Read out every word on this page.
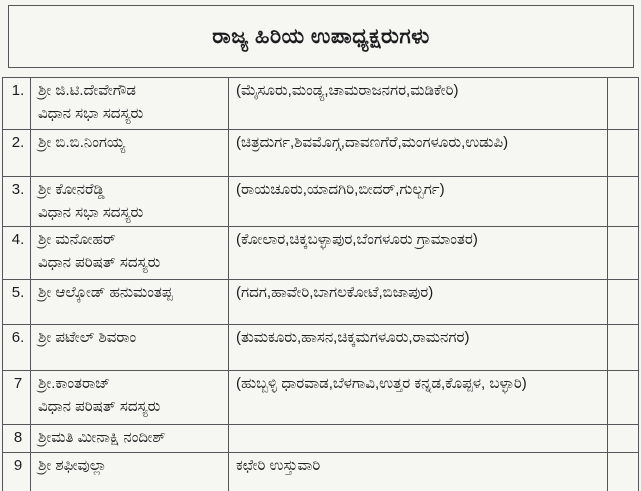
ರಾಜ್ಯ ಹಿರಿಯ ಉಪಾಧ್ಯಕ್ಷರುಗಳು
1.	ಶ್ರೀ ಜಿ.ಟಿ.ದೇವೇಗೌಡ
ವಿಧಾನ ಸಭಾ ಸದಸ್ಯರು	(ಮೈಸೂರು,ಮಂಡ್ಯ,ಚಾಮರಾಜನಗರ,ಮಡಿಕೇರಿ)	
2.	ಶ್ರೀ ಬಿ.ಬಿ.ನಿಂಗಯ್ಯ	(ಚಿತ್ರದುರ್ಗ,ಶಿವಮೊಗ್ಗ,ದಾವಣಗೆರೆ,ಮಂಗಳೂರು,ಉಡುಪಿ)	
3.	ಶ್ರೀ ಕೋನರೆಡ್ಡಿ
ವಿಧಾನ ಸಭಾ ಸದಸ್ಯರು	(ರಾಯಚೂರು,ಯಾದಗಿರಿ,ಬೀದರ್,ಗುಲ್ಬರ್ಗ)	
4.	ಶ್ರೀ ಮನೋಹರ್
ವಿಧಾನ ಪರಿಷತ್ ಸದಸ್ಯರು	(ಕೋಲಾರ,ಚಿಕ್ಕಬಳ್ಳಾಪುರ,ಬೆಂಗಳೂರು ಗ್ರಾಮಾಂತರ)	
5.	ಶ್ರೀ ಆಲ್ಕೋಡ್ ಹನುಮಂತಪ್ಪ	(ಗದಗ,ಹಾವೇರಿ,ಬಾಗಲಕೋಟೆ,ಬಿಜಾಪುರ)	
6.	ಶ್ರೀ ಪಟೇಲ್ ಶಿವರಾಂ	(ತುಮಕೂರು,ಹಾಸನ,ಚಿಕ್ಕಮಗಳೂರು,ರಾಮನಗರ)	
7	ಶ್ರೀ.ಕಾಂತರಾಜ್
ವಿಧಾನ ಪರಿಷತ್ ಸದಸ್ಯರು	(ಹುಬ್ಬಳ್ಳಿ ಧಾರವಾಡ,ಬೆಳಗಾವಿ,ಉತ್ತರ ಕನ್ನಡ,ಕೊಪ್ಪಳ, ಬಳ್ಳಾರಿ)	
8	ಶ್ರೀಮತಿ ಮೀನಾಕ್ಷಿ ನಂದೀಶ್

9	ಶ್ರೀ ಶಫೀವುಲ್ಲಾ	ಕಛೇರಿ ಉಸ್ತುವಾರಿ	
